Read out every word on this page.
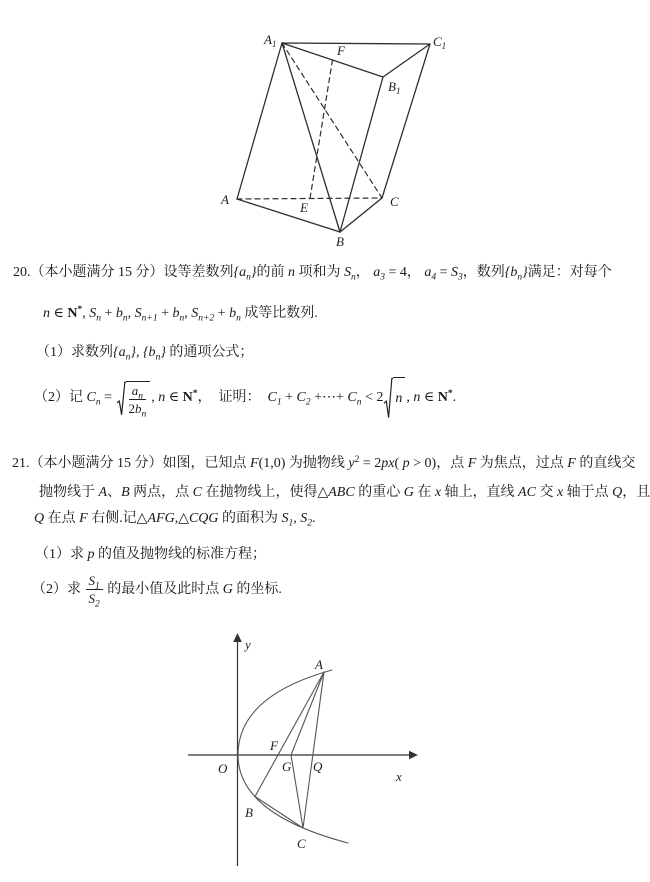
$A_1$	$C_1$
$B_1$
F
A
E
B
C
20.（本小题满分 15 分）设等差数列$\{a_n\}$的前 n 项和为 $S_n$， $a_3 = 4$， $a_4 = S_3$，数列$\{b_n\}$满足：对每个
n ∈ N*, $S_n + b_n$, $S_{n+1} + b_n$, $S_{n+2} + b_n$ 成等比数列.
（1）求数列$\{a_n\}$, $\{b_n\}$ 的通项公式；
（2）记 $C_n = \frac{a_n}{2b_n}$ , n ∈ N*，  证明：  $C_1 + C_2$ +⋯+ $C_n < 2$ n , n ∈ N*.
21.（本小题满分 15 分）如图，已知点 F(1,0) 为抛物线 $y^2 = 2px$( p > 0)，点 F 为焦点，过点 F 的直线交
抛物线于 A、B 两点，点 C 在抛物线上，使得△ABC 的重心 G 在 x 轴上，直线 AC 交 x 轴于点 Q，且
Q 在点 F 右侧.记△AFG,△CQG 的面积为 $S_1$, $S_2$.
（1）求 p 的值及抛物线的标准方程；
（2）求 $\frac{S_1}{S_2}$ 的最小值及此时点 G 的坐标.
y
x
O
A
B
C
F
G Q
